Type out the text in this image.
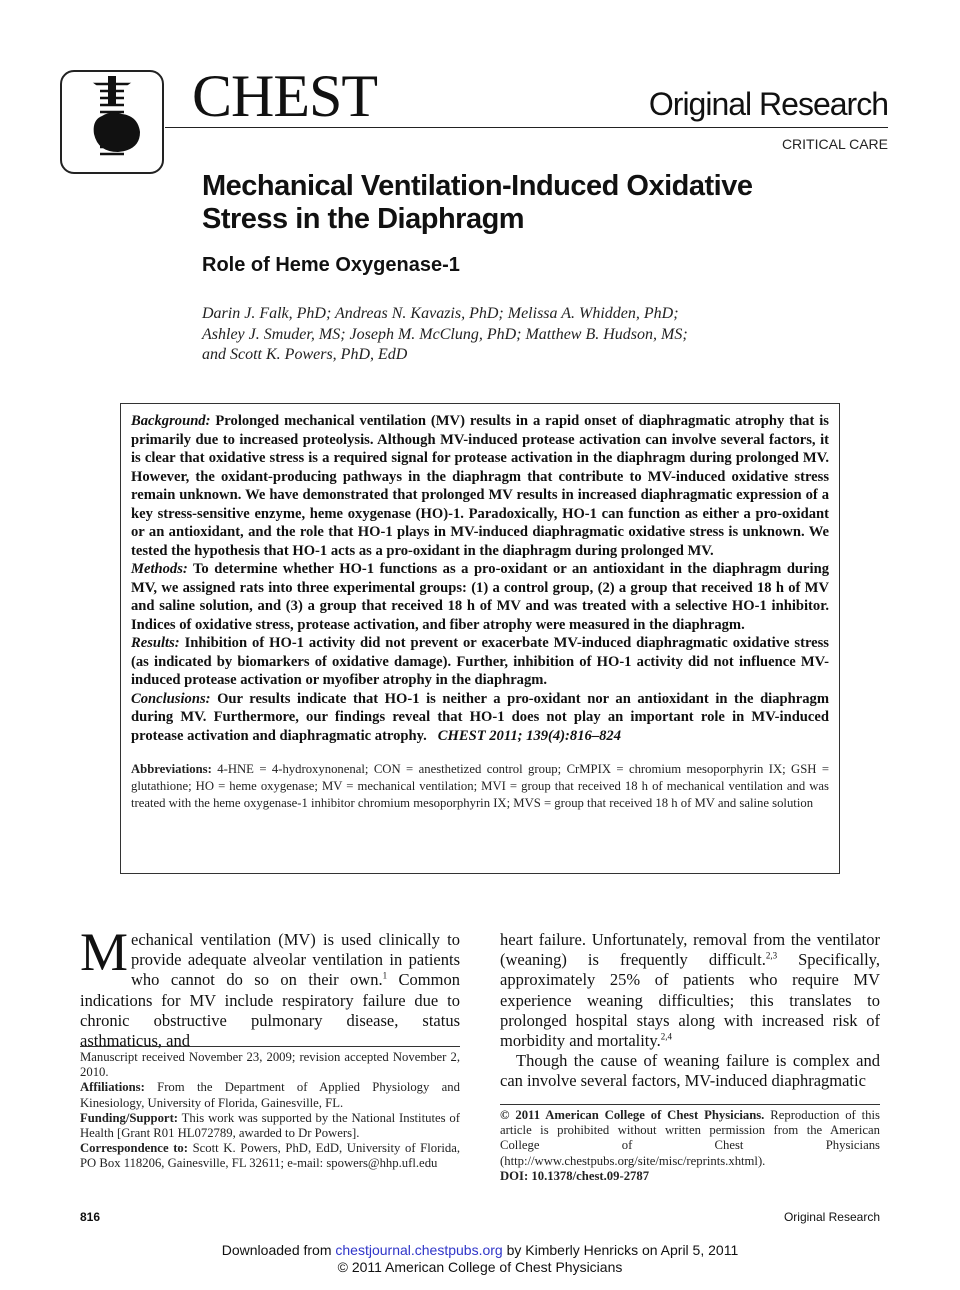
CHEST	Original Research
CRITICAL CARE
Mechanical Ventilation-Induced Oxidative Stress in the Diaphragm
Role of Heme Oxygenase-1
Darin J. Falk, PhD; Andreas N. Kavazis, PhD; Melissa A. Whidden, PhD;
Ashley J. Smuder, MS; Joseph M. McClung, PhD; Matthew B. Hudson, MS;
and Scott K. Powers, PhD, EdD
Background: Prolonged mechanical ventilation (MV) results in a rapid onset of diaphragmatic atrophy that is primarily due to increased proteolysis. Although MV-induced protease activation can involve several factors, it is clear that oxidative stress is a required signal for protease activation in the diaphragm during prolonged MV. However, the oxidant-producing pathways in the diaphragm that contribute to MV-induced oxidative stress remain unknown. We have demonstrated that prolonged MV results in increased diaphragmatic expression of a key stress-sensitive enzyme, heme oxygenase (HO)-1. Paradoxically, HO-1 can function as either a pro-oxidant or an antioxidant, and the role that HO-1 plays in MV-induced diaphragmatic oxidative stress is unknown. We tested the hypothesis that HO-1 acts as a pro-oxidant in the diaphragm during prolonged MV.
Methods: To determine whether HO-1 functions as a pro-oxidant or an antioxidant in the diaphragm during MV, we assigned rats into three experimental groups: (1) a control group, (2) a group that received 18 h of MV and saline solution, and (3) a group that received 18 h of MV and was treated with a selective HO-1 inhibitor. Indices of oxidative stress, protease activation, and fiber atrophy were measured in the diaphragm.
Results: Inhibition of HO-1 activity did not prevent or exacerbate MV-induced diaphragmatic oxidative stress (as indicated by biomarkers of oxidative damage). Further, inhibition of HO-1 activity did not influence MV-induced protease activation or myofiber atrophy in the diaphragm.
Conclusions: Our results indicate that HO-1 is neither a pro-oxidant nor an antioxidant in the diaphragm during MV. Furthermore, our findings reveal that HO-1 does not play an important role in MV-induced protease activation and diaphragmatic atrophy. CHEST 2011; 139(4):816–824
Abbreviations: 4-HNE = 4-hydroxynonenal; CON = anesthetized control group; CrMPIX = chromium mesoporphyrin IX; GSH = glutathione; HO = heme oxygenase; MV = mechanical ventilation; MVI = group that received 18 h of mechanical ventilation and was treated with the heme oxygenase-1 inhibitor chromium mesoporphyrin IX; MVS = group that received 18 h of MV and saline solution
Mechanical ventilation (MV) is used clinically to provide adequate alveolar ventilation in patients who cannot do so on their own.$^1$ Common indications for MV include respiratory failure due to chronic obstructive pulmonary disease, status asthmaticus, and
Manuscript received November 23, 2009; revision accepted November 2, 2010.
Affiliations: From the Department of Applied Physiology and Kinesiology, University of Florida, Gainesville, FL.
Funding/Support: This work was supported by the National Institutes of Health [Grant R01 HL072789, awarded to Dr Powers].
Correspondence to: Scott K. Powers, PhD, EdD, University of Florida, PO Box 118206, Gainesville, FL 32611; e-mail: spowers@hhp.ufl.edu
heart failure. Unfortunately, removal from the ventilator (weaning) is frequently difficult.$^{2,3}$ Specifically, approximately 25% of patients who require MV experience weaning difficulties; this translates to prolonged hospital stays along with increased risk of morbidity and mortality.$^{2,4}$
Though the cause of weaning failure is complex and can involve several factors, MV-induced diaphragmatic
© 2011 American College of Chest Physicians. Reproduction of this article is prohibited without written permission from the American College of Chest Physicians (http://www.chestpubs.org/site/misc/reprints.xhtml).
DOI: 10.1378/chest.09-2787
816	Original Research
Downloaded from chestjournal.chestpubs.org by Kimberly Henricks on April 5, 2011
© 2011 American College of Chest Physicians
